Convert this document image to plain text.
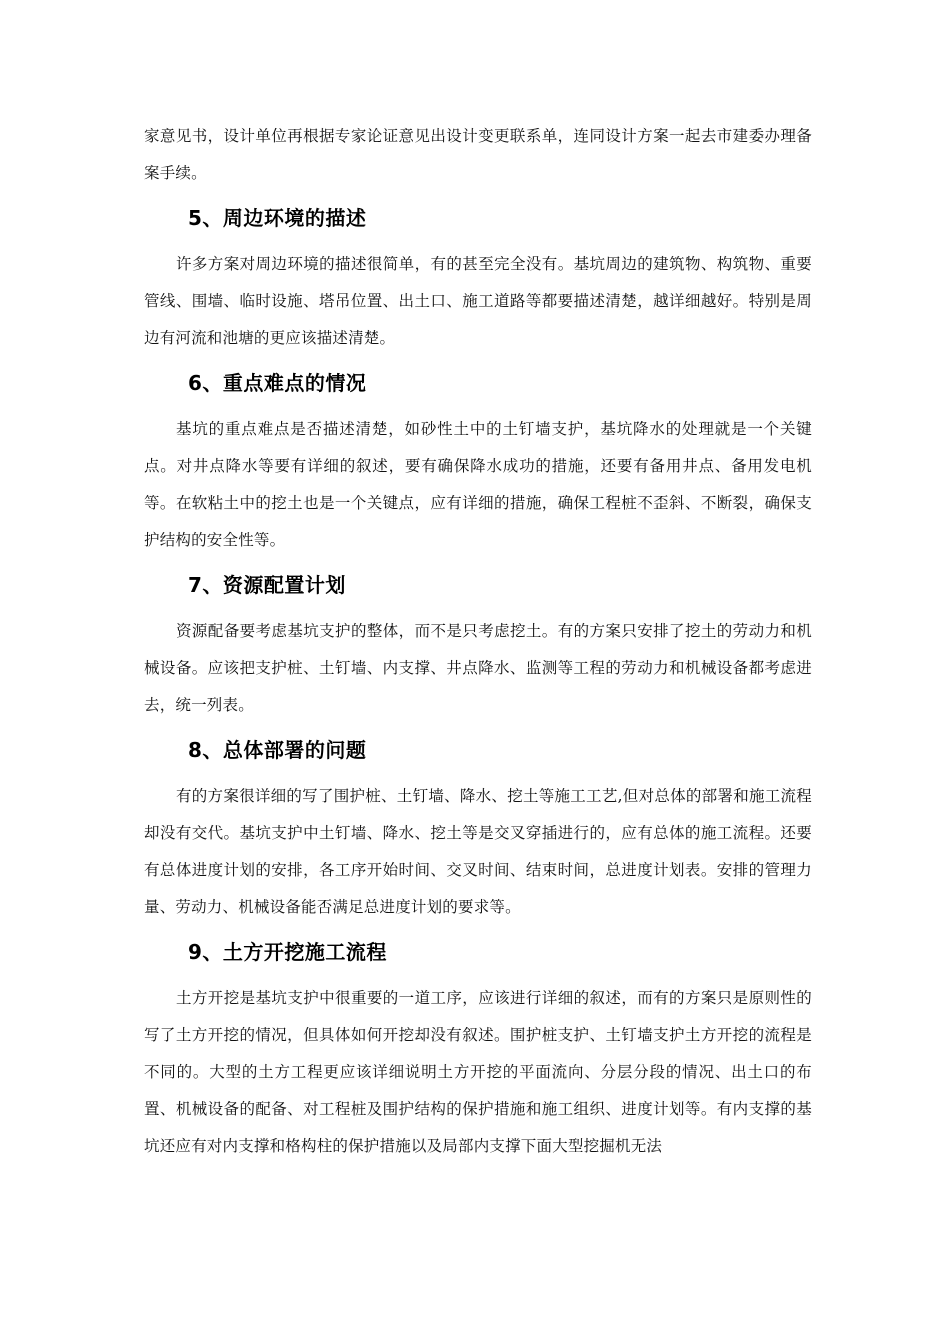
家意见书，设计单位再根据专家论证意见出设计变更联系单，连同设计方案一起去市建委办理备案手续。

5、周边环境的描述

许多方案对周边环境的描述很简单，有的甚至完全没有。基坑周边的建筑物、构筑物、重要管线、围墙、临时设施、塔吊位置、出土口、施工道路等都要描述清楚，越详细越好。特别是周边有河流和池塘的更应该描述清楚。

6、重点难点的情况

基坑的重点难点是否描述清楚，如砂性土中的土钉墙支护，基坑降水的处理就是一个关键点。对井点降水等要有详细的叙述，要有确保降水成功的措施，还要有备用井点、备用发电机等。在软粘土中的挖土也是一个关键点，应有详细的措施，确保工程桩不歪斜、不断裂，确保支护结构的安全性等。

7、资源配置计划

资源配备要考虑基坑支护的整体，而不是只考虑挖土。有的方案只安排了挖土的劳动力和机械设备。应该把支护桩、土钉墙、内支撑、井点降水、监测等工程的劳动力和机械设备都考虑进去，统一列表。

8、总体部署的问题

有的方案很详细的写了围护桩、土钉墙、降水、挖土等施工工艺,但对总体的部署和施工流程却没有交代。基坑支护中土钉墙、降水、挖土等是交叉穿插进行的，应有总体的施工流程。还要有总体进度计划的安排，各工序开始时间、交叉时间、结束时间，总进度计划表。安排的管理力量、劳动力、机械设备能否满足总进度计划的要求等。

9、土方开挖施工流程

土方开挖是基坑支护中很重要的一道工序，应该进行详细的叙述，而有的方案只是原则性的写了土方开挖的情况，但具体如何开挖却没有叙述。围护桩支护、土钉墙支护土方开挖的流程是不同的。大型的土方工程更应该详细说明土方开挖的平面流向、分层分段的情况、出土口的布置、机械设备的配备、对工程桩及围护结构的保护措施和施工组织、进度计划等。有内支撑的基坑还应有对内支撑和格构柱的保护措施以及局部内支撑下面大型挖掘机无法
